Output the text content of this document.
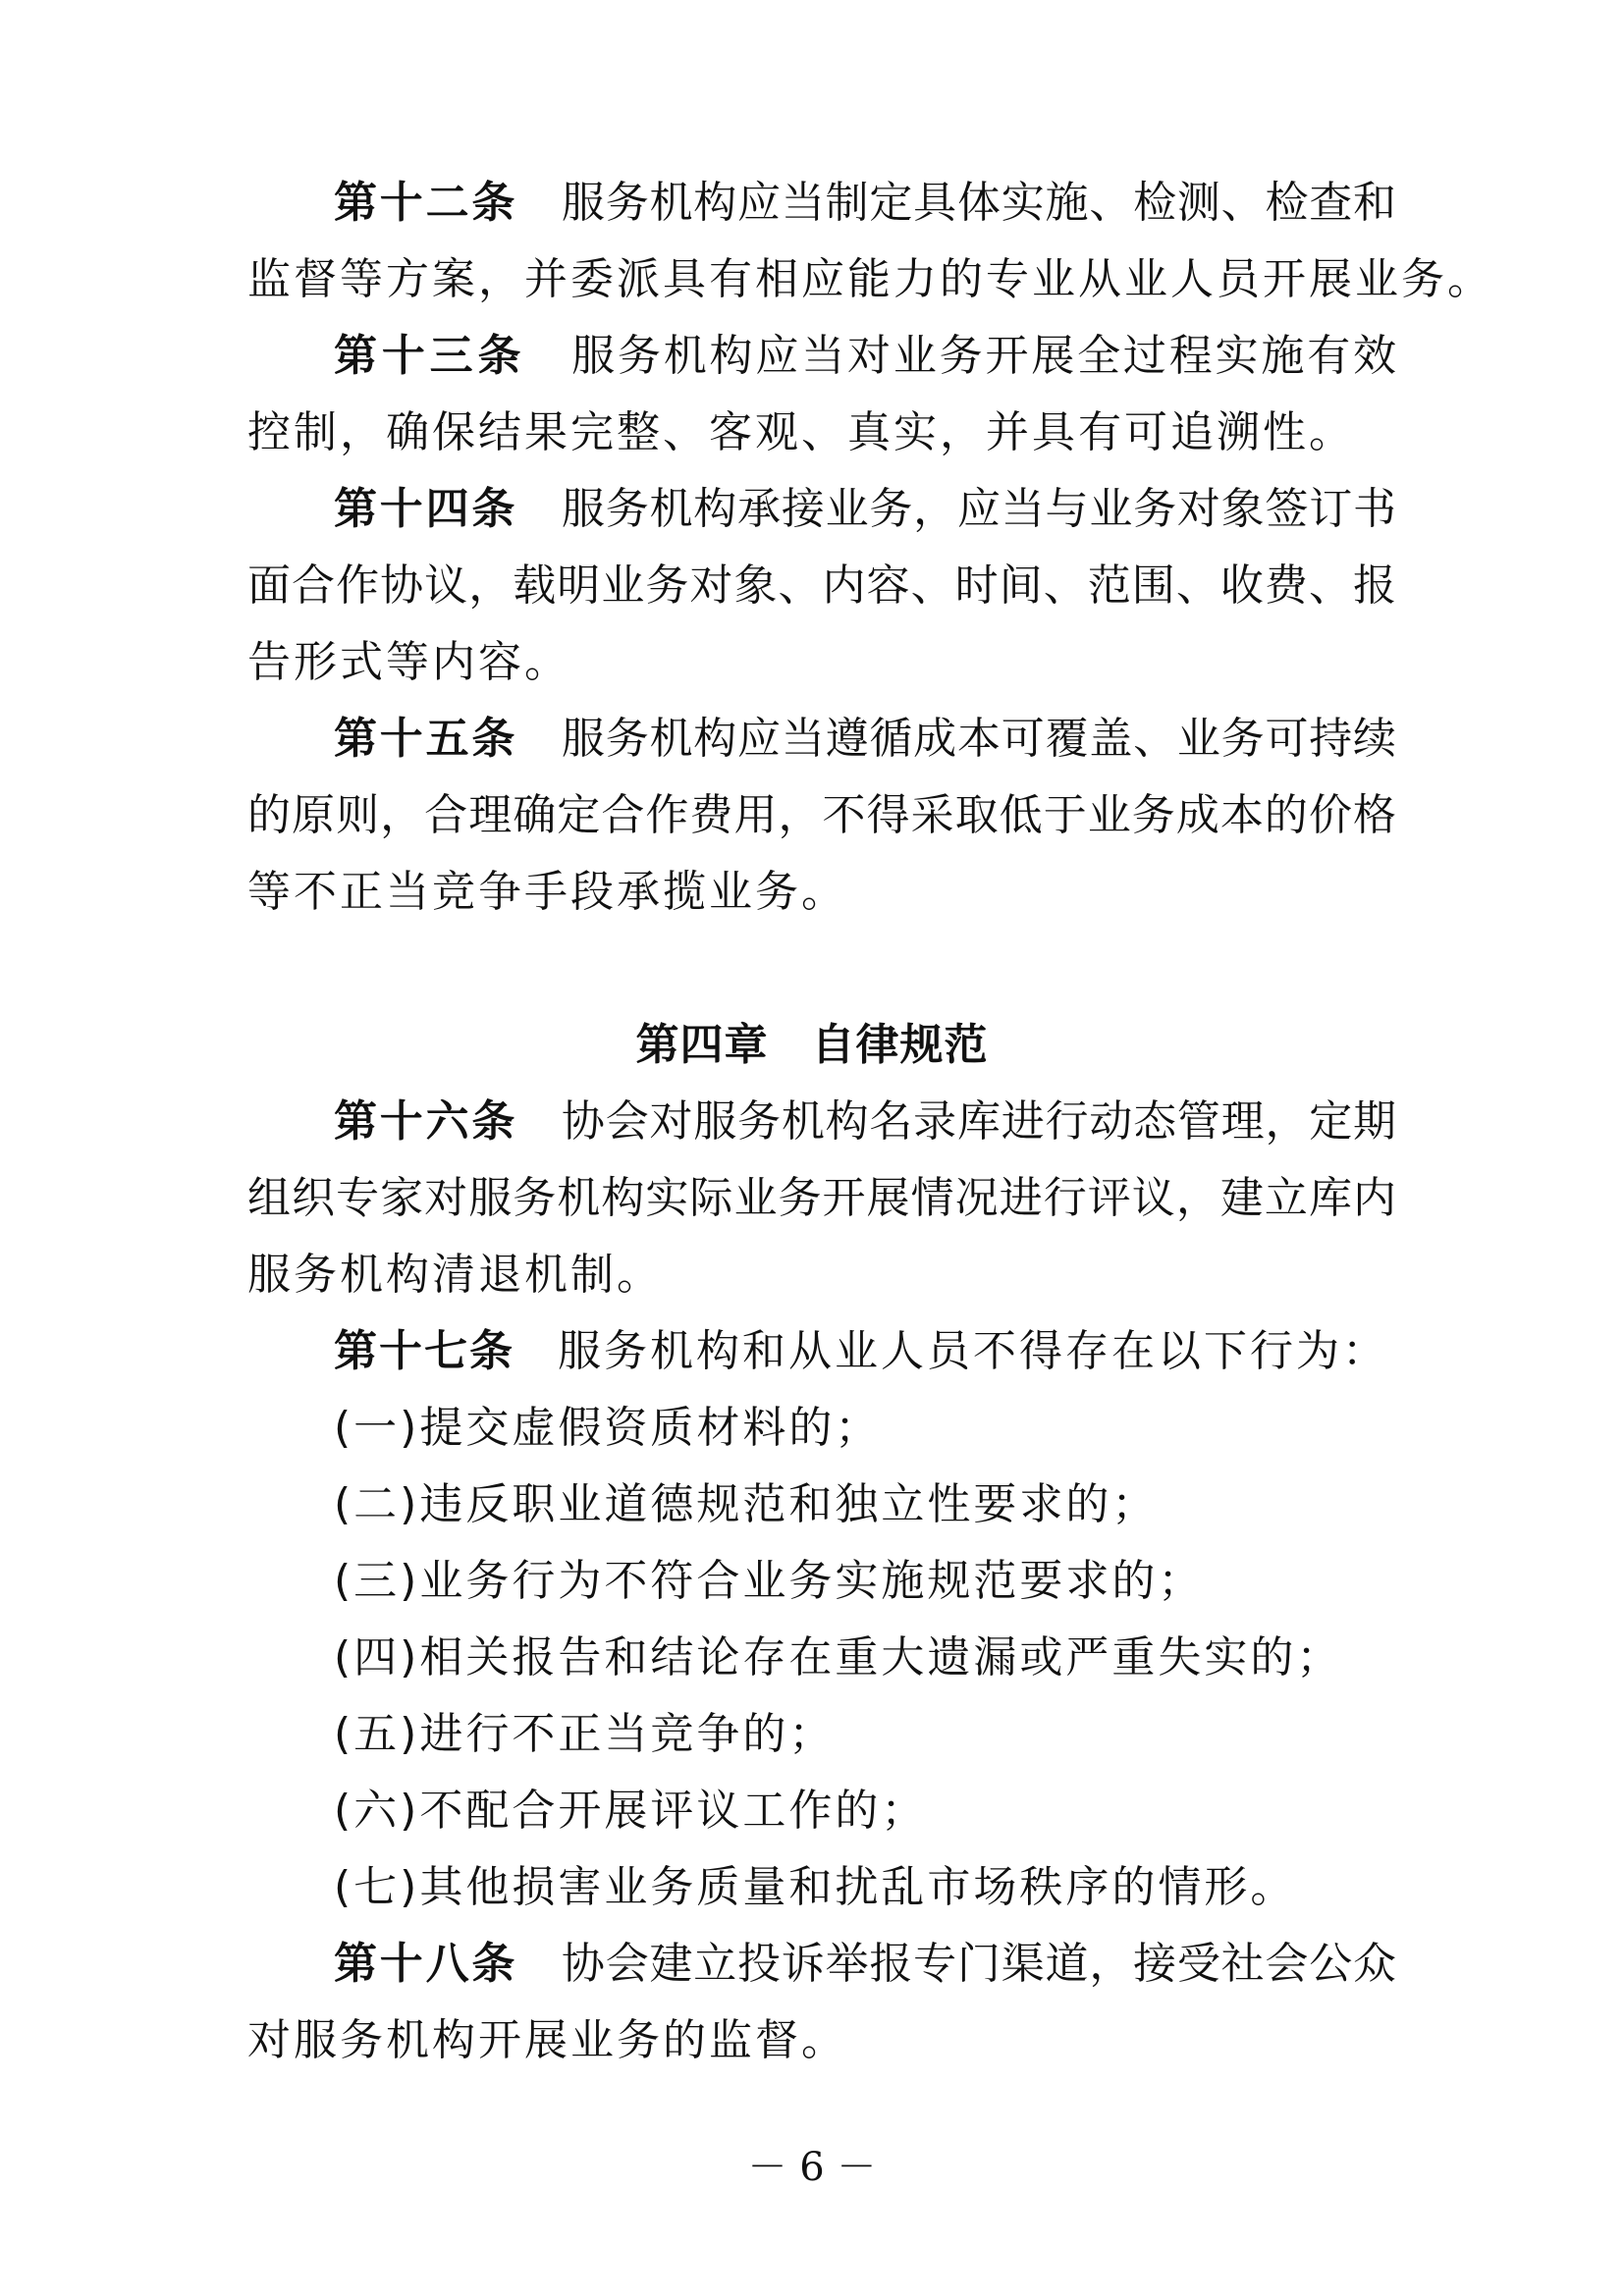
第十二条 服务机构应当制定具体实施、检测、检查和
监督等方案，并委派具有相应能力的专业从业人员开展业务。
第十三条 服务机构应当对业务开展全过程实施有效
控制，确保结果完整、客观、真实，并具有可追溯性。
第十四条 服务机构承接业务，应当与业务对象签订书
面合作协议，载明业务对象、内容、时间、范围、收费、报
告形式等内容。
第十五条 服务机构应当遵循成本可覆盖、业务可持续
的原则，合理确定合作费用，不得采取低于业务成本的价格
等不正当竞争手段承揽业务。
第四章 自律规范
第十六条 协会对服务机构名录库进行动态管理，定期
组织专家对服务机构实际业务开展情况进行评议，建立库内
服务机构清退机制。
第十七条 服务机构和从业人员不得存在以下行为：
(一)提交虚假资质材料的；
(二)违反职业道德规范和独立性要求的；
(三)业务行为不符合业务实施规范要求的；
(四)相关报告和结论存在重大遗漏或严重失实的；
(五)进行不正当竞争的；
(六)不配合开展评议工作的；
(七)其他损害业务质量和扰乱市场秩序的情形。
第十八条 协会建立投诉举报专门渠道，接受社会公众
对服务机构开展业务的监督。
－ 6 －
